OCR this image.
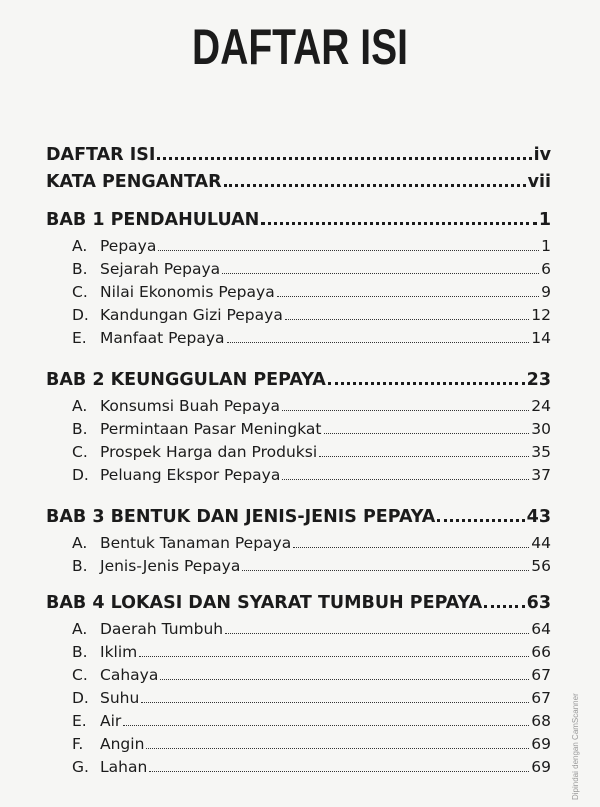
DAFTAR ISI
DAFTAR ISI	iv
KATA PENGANTAR	vii
BAB 1 PENDAHULUAN	1
A. Pepaya	1
B. Sejarah Pepaya	6
C. Nilai Ekonomis Pepaya	9
D. Kandungan Gizi Pepaya	12
E. Manfaat Pepaya	14
BAB 2 KEUNGGULAN PEPAYA	23
A. Konsumsi Buah Pepaya	24
B. Permintaan Pasar Meningkat	30
C. Prospek Harga dan Produksi	35
D. Peluang Ekspor Pepaya	37
BAB 3 BENTUK DAN JENIS-JENIS PEPAYA	43
A. Bentuk Tanaman Pepaya	44
B. Jenis-Jenis Pepaya	56
BAB 4 LOKASI DAN SYARAT TUMBUH PEPAYA	63
A. Daerah Tumbuh	64
B. Iklim	66
C. Cahaya	67
D. Suhu	67
E. Air	68
F. Angin	69
G. Lahan	69	Dipindai dengan CamScanner
